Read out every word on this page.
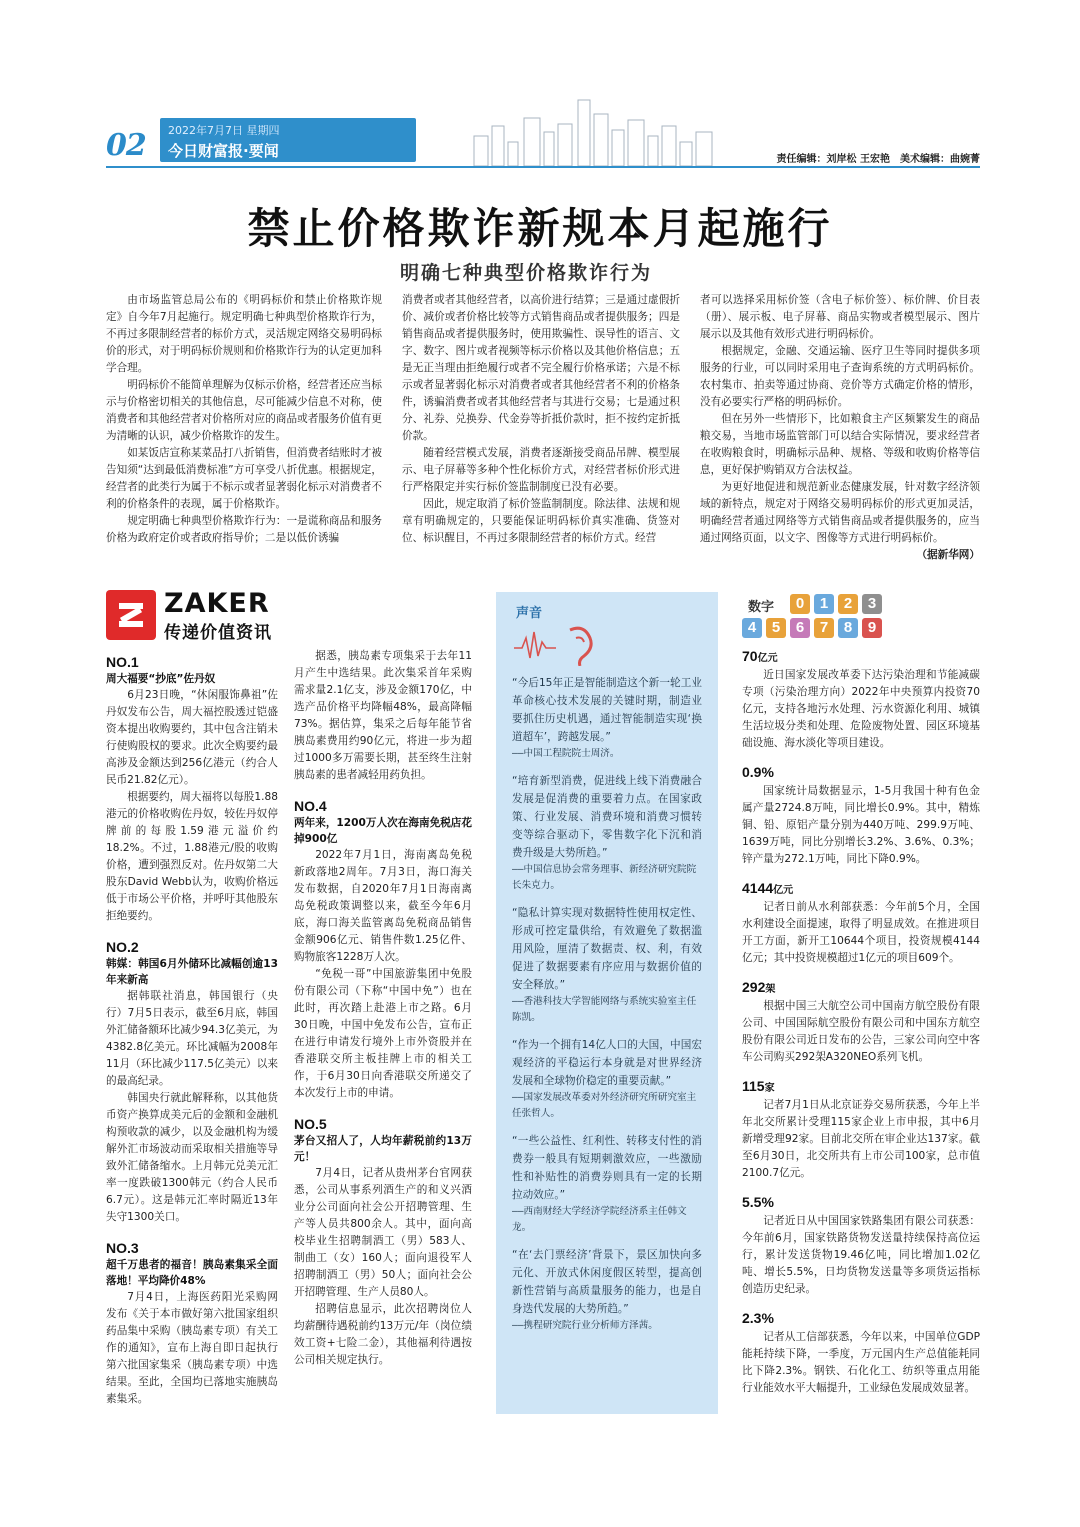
02 2022年7月7日 星期四
今日财富报·要闻	责任编辑：刘岸松 王宏艳　美术编辑：曲婉菁
禁止价格欺诈新规本月起施行
明确七种典型价格欺诈行为

由市场监管总局公布的《明码标价和禁止价格欺诈规定》自今年7月起施行。规定明确七种典型价格欺诈行为，不再过多限制经营者的标价方式，灵活规定网络交易明码标价的形式，对于明码标价规则和价格欺诈行为的认定更加科学合理。

明码标价不能简单理解为仅标示价格，经营者还应当标示与价格密切相关的其他信息，尽可能减少信息不对称，使消费者和其他经营者对价格所对应的商品或者服务价值有更为清晰的认识，减少价格欺诈的发生。

如某饭店宣称某菜品打八折销售，但消费者结账时才被告知须“达到最低消费标准”方可享受八折优惠。根据规定，经营者的此类行为属于不标示或者显著弱化标示对消费者不利的价格条件的表现，属于价格欺诈。

规定明确七种典型价格欺诈行为：一是谎称商品和服务价格为政府定价或者政府指导价；二是以低价诱骗

消费者或者其他经营者，以高价进行结算；三是通过虚假折价、减价或者价格比较等方式销售商品或者提供服务；四是销售商品或者提供服务时，使用欺骗性、误导性的语言、文字、数字、图片或者视频等标示价格以及其他价格信息；五是无正当理由拒绝履行或者不完全履行价格承诺；六是不标示或者显著弱化标示对消费者或者其他经营者不利的价格条件，诱骗消费者或者其他经营者与其进行交易；七是通过积分、礼券、兑换券、代金券等折抵价款时，拒不按约定折抵价款。

随着经营模式发展，消费者逐渐接受商品吊牌、模型展示、电子屏幕等多种个性化标价方式，对经营者标价形式进行严格限定并实行标价签监制制度已没有必要。

因此，规定取消了标价签监制制度。除法律、法规和规章有明确规定的，只要能保证明码标价真实准确、货签对位、标识醒目，不再过多限制经营者的标价方式。经营

者可以选择采用标价签（含电子标价签）、标价牌、价目表（册）、展示板、电子屏幕、商品实物或者模型展示、图片展示以及其他有效形式进行明码标价。

根据规定，金融、交通运输、医疗卫生等同时提供多项服务的行业，可以同时采用电子查询系统的方式明码标价。农村集市、拍卖等通过协商、竞价等方式确定价格的情形，没有必要实行严格的明码标价。

但在另外一些情形下，比如粮食主产区频繁发生的商品粮交易，当地市场监管部门可以结合实际情况，要求经营者在收购粮食时，明确标示品种、规格、等级和收购价格等信息，更好保护购销双方合法权益。

为更好地促进和规范新业态健康发展，针对数字经济领域的新特点，规定对于网络交易明码标价的形式更加灵活，明确经营者通过网络等方式销售商品或者提供服务的，应当通过网络页面，以文字、图像等方式进行明码标价。

（据新华网）
ZAKER
传递价值资讯
NO.1
周大福要“抄底”佐丹奴

6月23日晚，“休闲服饰鼻祖”佐丹奴发布公告，周大福控股透过铠盛资本提出收购要约，其中包含注销未行使购股权的要求。此次全购要约最高涉及金额达到256亿港元（约合人民币21.82亿元）。

根据要约，周大福将以每股1.88港元的价格收购佐丹奴，较佐丹奴停牌前的每股1.59港元溢价约18.2%。不过，1.88港元/股的收购价格，遭到强烈反对。佐丹奴第二大股东David Webb认为，收购价格远低于市场公平价格，并呼吁其他股东拒绝要约。

NO.2
韩媒：韩国6月外储环比减幅创逾13年来新高

据韩联社消息，韩国银行（央行）7月5日表示，截至6月底，韩国外汇储备额环比减少94.3亿美元，为4382.8亿美元。环比减幅为2008年11月（环比减少117.5亿美元）以来的最高纪录。

韩国央行就此解释称，以其他货币资产换算成美元后的金额和金融机构预收款的减少，以及金融机构为缓解外汇市场波动而采取相关措施等导致外汇储备缩水。上月韩元兑美元汇率一度跌破1300韩元（约合人民币6.7元）。这是韩元汇率时隔近13年失守1300关口。

NO.3
超千万患者的福音！胰岛素集采全面落地！平均降价48%

7月4日，上海医药阳光采购网发布《关于本市做好第六批国家组织药品集中采购（胰岛素专项）有关工作的通知》，宣布上海自即日起执行第六批国家集采（胰岛素专项）中选结果。至此，全国均已落地实施胰岛素集采。

据悉，胰岛素专项集采于去年11月产生中选结果。此次集采首年采购需求量2.1亿支，涉及金额170亿，中选产品价格平均降幅48%，最高降幅73%。据估算，集采之后每年能节省胰岛素费用约90亿元，将进一步为超过1000多万需要长期，甚至终生注射胰岛素的患者减轻用药负担。

NO.4
两年来，1200万人次在海南免税店花掉900亿

2022年7月1日，海南离岛免税新政落地2周年。7月3日，海口海关发布数据，自2020年7月1日海南离岛免税政策调整以来，截至今年6月底，海口海关监管离岛免税商品销售金额906亿元、销售件数1.25亿件、购物旅客1228万人次。

“免税一哥”中国旅游集团中免股份有限公司（下称“中国中免”）也在此时，再次踏上赴港上市之路。6月30日晚，中国中免发布公告，宣布正在进行申请发行境外上市外资股并在香港联交所主板挂牌上市的相关工作，于6月30日向香港联交所递交了本次发行上市的申请。

NO.5
茅台又招人了，人均年薪税前约13万元！

7月4日，记者从贵州茅台官网获悉，公司从事系列酒生产的和义兴酒业分公司面向社会公开招聘管理、生产等人员共800余人。其中，面向高校毕业生招聘制酒工（男）583人、制曲工（女）160人；面向退役军人招聘制酒工（男）50人；面向社会公开招聘管理、生产人员80人。

招聘信息显示，此次招聘岗位人均薪酬待遇税前约13万元/年（岗位绩效工资+七险二金），其他福利待遇按公司相关规定执行。

声音
“今后15年正是智能制造这个新一轮工业革命核心技术发展的关键时期，制造业要抓住历史机遇，通过智能制造实现‘换道超车’，跨越发展。”
——中国工程院院士周济。
“培育新型消费，促进线上线下消费融合发展是促消费的重要着力点。在国家政策、行业发展、消费环境和消费习惯转变等综合驱动下，零售数字化下沉和消费升级是大势所趋。”
——中国信息协会常务理事、新经济研究院院长朱克力。
“隐私计算实现对数据特性使用权定性、形成可控定量供给，有效避免了数据滥用风险，厘清了数据责、权、利，有效促进了数据要素有序应用与数据价值的安全释放。”
——香港科技大学智能网络与系统实验室主任陈凯。
“作为一个拥有14亿人口的大国，中国宏观经济的平稳运行本身就是对世界经济发展和全球物价稳定的重要贡献。”
——国家发展改革委对外经济研究所研究室主任张哲人。
“一些公益性、红利性、转移支付性的消费券一般具有短期刺激效应，一些激励性和补贴性的消费券则具有一定的长期拉动效应。”
——西南财经大学经济学院经济系主任韩文龙。
“在‘去门票经济’背景下，景区加快向多元化、开放式休闲度假区转型，提高创新性营销与高质量服务的能力，也是自身迭代发展的大势所趋。”
——携程研究院行业分析师方泽茜。
数字	0	1	2	3
4	5	6	7	8	9
70亿元

近日国家发展改革委下达污染治理和节能减碳专项（污染治理方向）2022年中央预算内投资70亿元，支持各地污水处理、污水资源化利用、城镇生活垃圾分类和处理、危险废物处置、园区环境基础设施、海水淡化等项目建设。

0.9%

国家统计局数据显示，1-5月我国十种有色金属产量2724.8万吨，同比增长0.9%。其中，精炼铜、铅、原铝产量分别为440万吨、299.9万吨、1639万吨，同比分别增长3.2%、3.6%、0.3%；锌产量为272.1万吨，同比下降0.9%。

4144亿元

记者日前从水利部获悉：今年前5个月，全国水利建设全面提速，取得了明显成效。在推进项目开工方面，新开工10644个项目，投资规模4144亿元；其中投资规模超过1亿元的项目609个。

292架

根据中国三大航空公司中国南方航空股份有限公司、中国国际航空股份有限公司和中国东方航空股份有限公司近日发布的公告，三家公司向空中客车公司购买292架A320NEO系列飞机。

115家

记者7月1日从北京证券交易所获悉，今年上半年北交所累计受理115家企业上市申报，其中6月新增受理92家。目前北交所在审企业达137家。截至6月30日，北交所共有上市公司100家，总市值2100.7亿元。

5.5%

记者近日从中国国家铁路集团有限公司获悉：今年前6月，国家铁路货物发送量持续保持高位运行，累计发送货物19.46亿吨，同比增加1.02亿吨、增长5.5%，日均货物发送量等多项货运指标创造历史纪录。

2.3%

记者从工信部获悉，今年以来，中国单位GDP能耗持续下降，一季度，万元国内生产总值能耗同比下降2.3%。钢铁、石化化工、纺织等重点用能行业能效水平大幅提升，工业绿色发展成效显著。
